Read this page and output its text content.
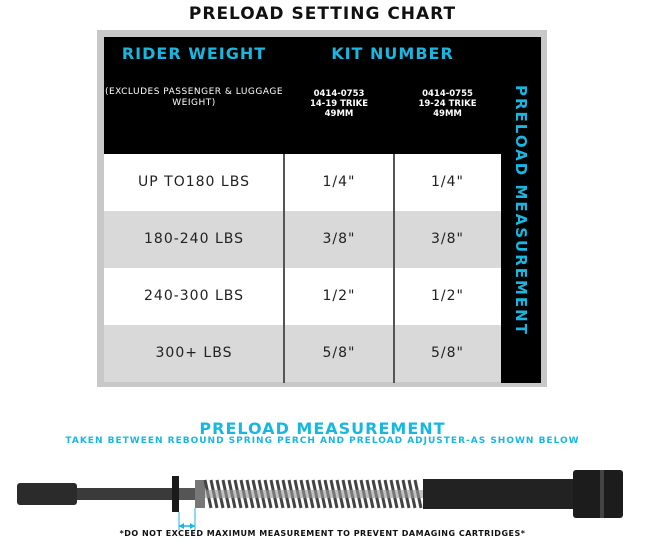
PRELOAD SETTING CHART
RIDER WEIGHT
(EXCLUDES PASSENGER & LUGGAGE WEIGHT)
KIT NUMBER
0414-0753
14-19 TRIKE
49MM
0414-0755
19-24 TRIKE
49MM
UP TO180 LBS	1/4"	1/4"
180-240 LBS	3/8"	3/8"
240-300 LBS	1/2"	1/2"
300+ LBS	5/8"	5/8"
PRELOAD MEASUREMENT
PRELOAD MEASUREMENT
TAKEN BETWEEN REBOUND SPRING PERCH AND PRELOAD ADJUSTER-AS SHOWN BELOW
*DO NOT EXCEED MAXIMUM MEASUREMENT TO PREVENT DAMAGING CARTRIDGES*
